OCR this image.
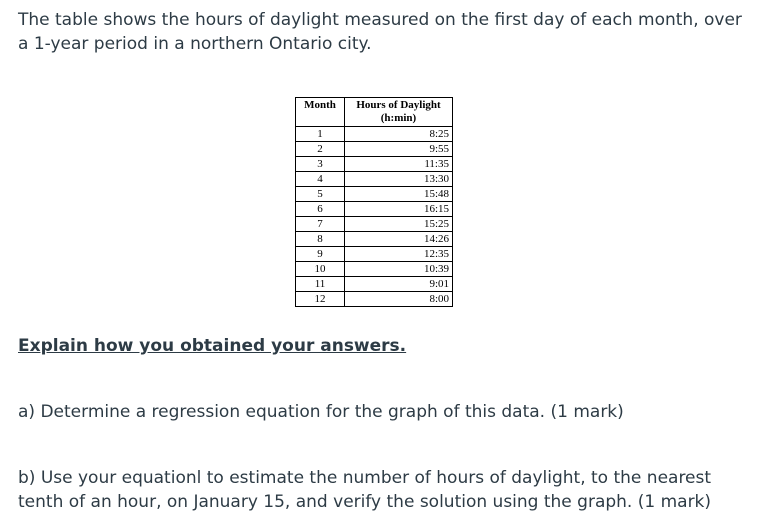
The table shows the hours of daylight measured on the first day of each month, over a 1-year period in a northern Ontario city.

Month	Hours of Daylight
(h:min)
1	8:25
2	9:55
3	11:35
4	13:30
5	15:48
6	16:15
7	15:25
8	14:26
9	12:35
10	10:39
11	9:01
12	8:00

Explain how you obtained your answers.

a) Determine a regression equation for the graph of this data. (1 mark)

b) Use your equationl to estimate the number of hours of daylight, to the nearest tenth of an hour, on January 15, and verify the solution using the graph. (1 mark)
